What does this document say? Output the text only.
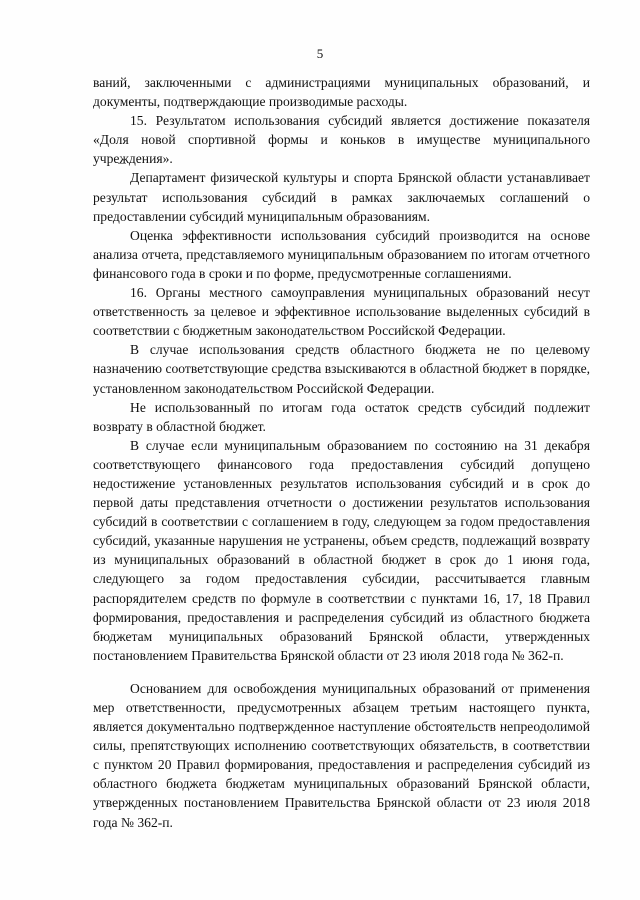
5

ваний, заключенными с администрациями муниципальных образований, и документы, подтверждающие производимые расходы.

15. Результатом использования субсидий является достижение показателя «Доля новой спортивной формы и коньков в имуществе муниципального учреждения».

Департамент физической культуры и спорта Брянской области устанавливает результат использования субсидий в рамках заключаемых соглашений о предоставлении субсидий муниципальным образованиям.

Оценка эффективности использования субсидий производится на основе анализа отчета, представляемого муниципальным образованием по итогам отчетного финансового года в сроки и по форме, предусмотренные соглашениями.

16. Органы местного самоуправления муниципальных образований несут ответственность за целевое и эффективное использование выделенных субсидий в соответствии с бюджетным законодательством Российской Федерации.

В случае использования средств областного бюджета не по целевому назначению соответствующие средства взыскиваются в областной бюджет в порядке, установленном законодательством Российской Федерации.

Не использованный по итогам года остаток средств субсидий подлежит возврату в областной бюджет.

В случае если муниципальным образованием по состоянию на 31 декабря соответствующего финансового года предоставления субсидий допущено недостижение установленных результатов использования субсидий и в срок до первой даты представления отчетности о достижении результатов использования субсидий в соответствии с соглашением в году, следующем за годом предоставления субсидий, указанные нарушения не устранены, объем средств, подлежащий возврату из муниципальных образований в областной бюджет в срок до 1 июня года, следующего за годом предоставления субсидии, рассчитывается главным распорядителем средств по формуле в соответствии с пунктами 16, 17, 18 Правил формирования, предоставления и распределения субсидий из областного бюджета бюджетам муниципальных образований Брянской области, утвержденных постановлением Правительства Брянской области от 23 июля 2018 года № 362-п.

Основанием для освобождения муниципальных образований от применения мер ответственности, предусмотренных абзацем третьим настоящего пункта, является документально подтвержденное наступление обстоятельств непреодолимой силы, препятствующих исполнению соответствующих обязательств, в соответствии с пунктом 20 Правил формирования, предоставления и распределения субсидий из областного бюджета бюджетам муниципальных образований Брянской области, утвержденных постановлением Правительства Брянской области от 23 июля 2018 года № 362-п.
